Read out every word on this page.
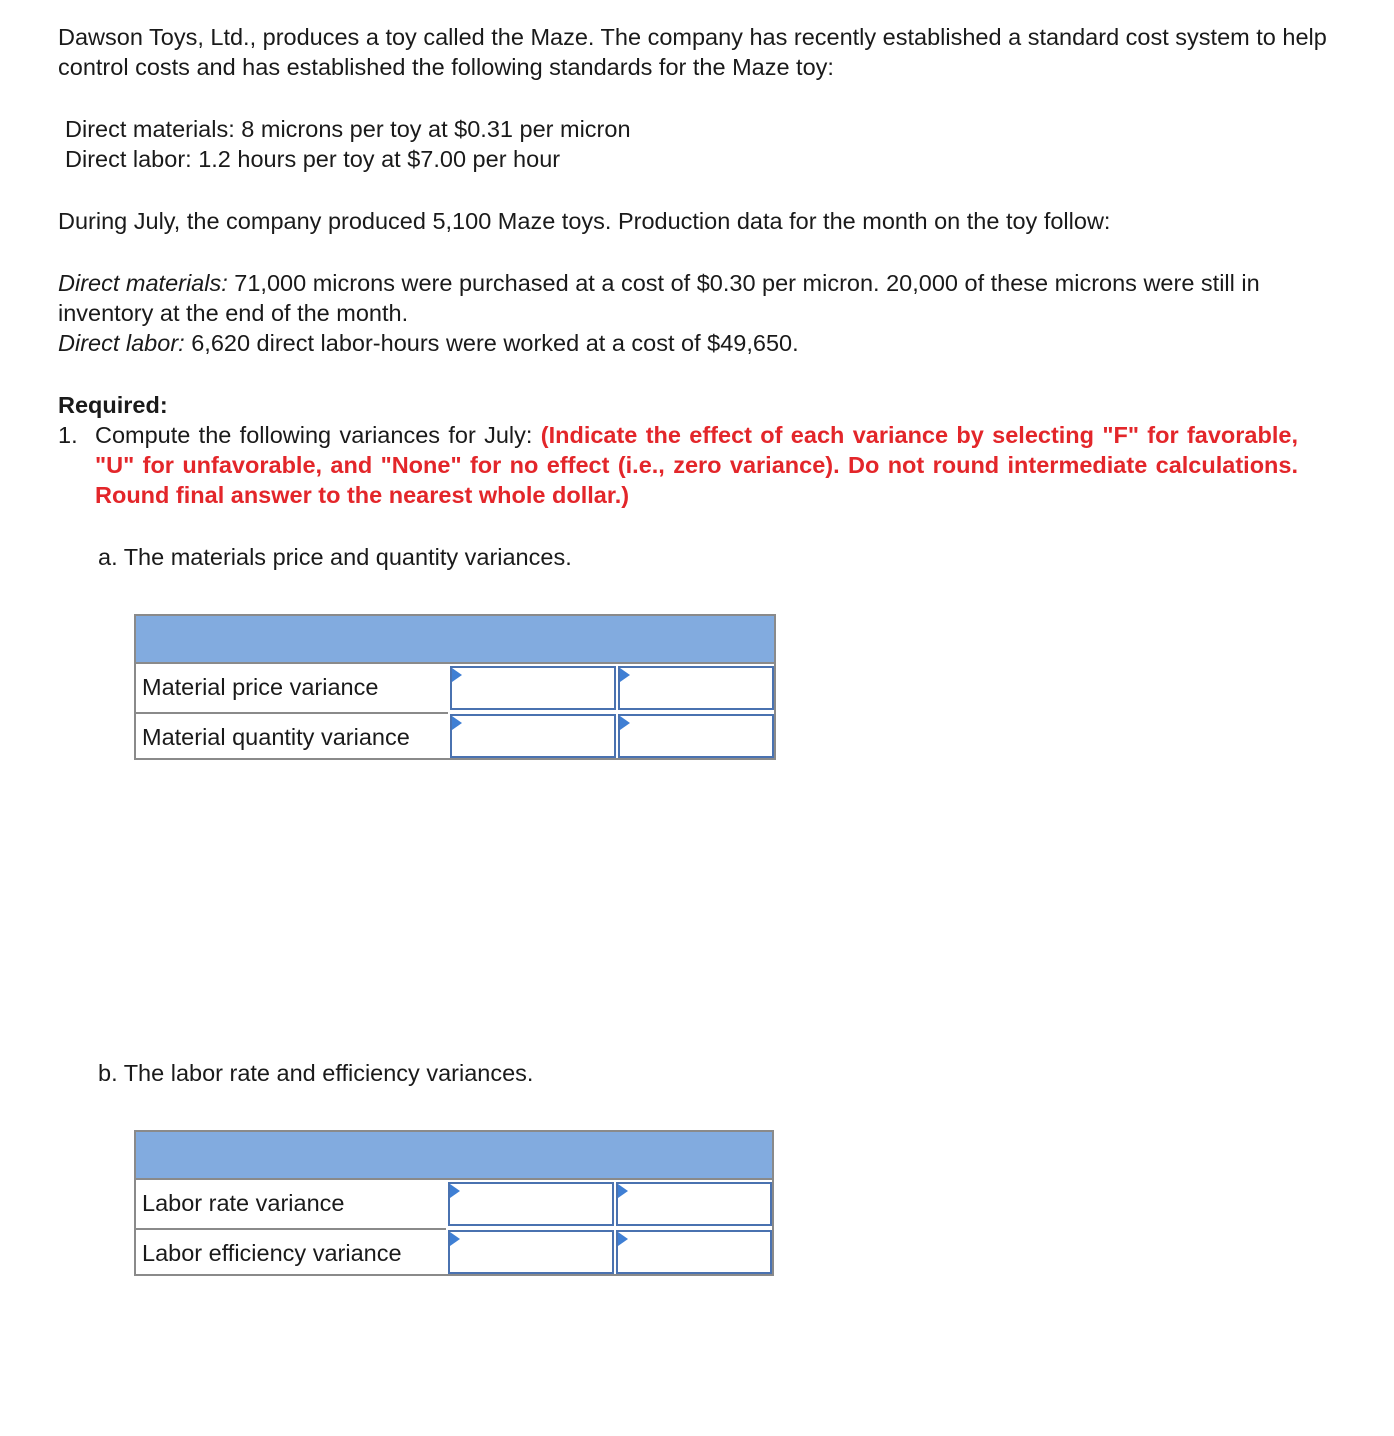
Dawson Toys, Ltd., produces a toy called the Maze. The company has recently established a standard cost system to help control costs and has established the following standards for the Maze toy:

Direct materials: 8 microns per toy at $0.31 per micron
Direct labor: 1.2 hours per toy at $7.00 per hour

During July, the company produced 5,100 Maze toys. Production data for the month on the toy follow:

Direct materials: 71,000 microns were purchased at a cost of $0.30 per micron. 20,000 of these microns were still in inventory at the end of the month.
Direct labor: 6,620 direct labor-hours were worked at a cost of $49,650.
Required:
1. Compute the following variances for July: (Indicate the effect of each variance by selecting "F" for favorable, "U" for unfavorable, and "None" for no effect (i.e., zero variance). Do not round intermediate calculations. Round final answer to the nearest whole dollar.)
a. The materials price and quantity variances.
Material price variance
Material quantity variance
b. The labor rate and efficiency variances.
Labor rate variance
Labor efficiency variance
